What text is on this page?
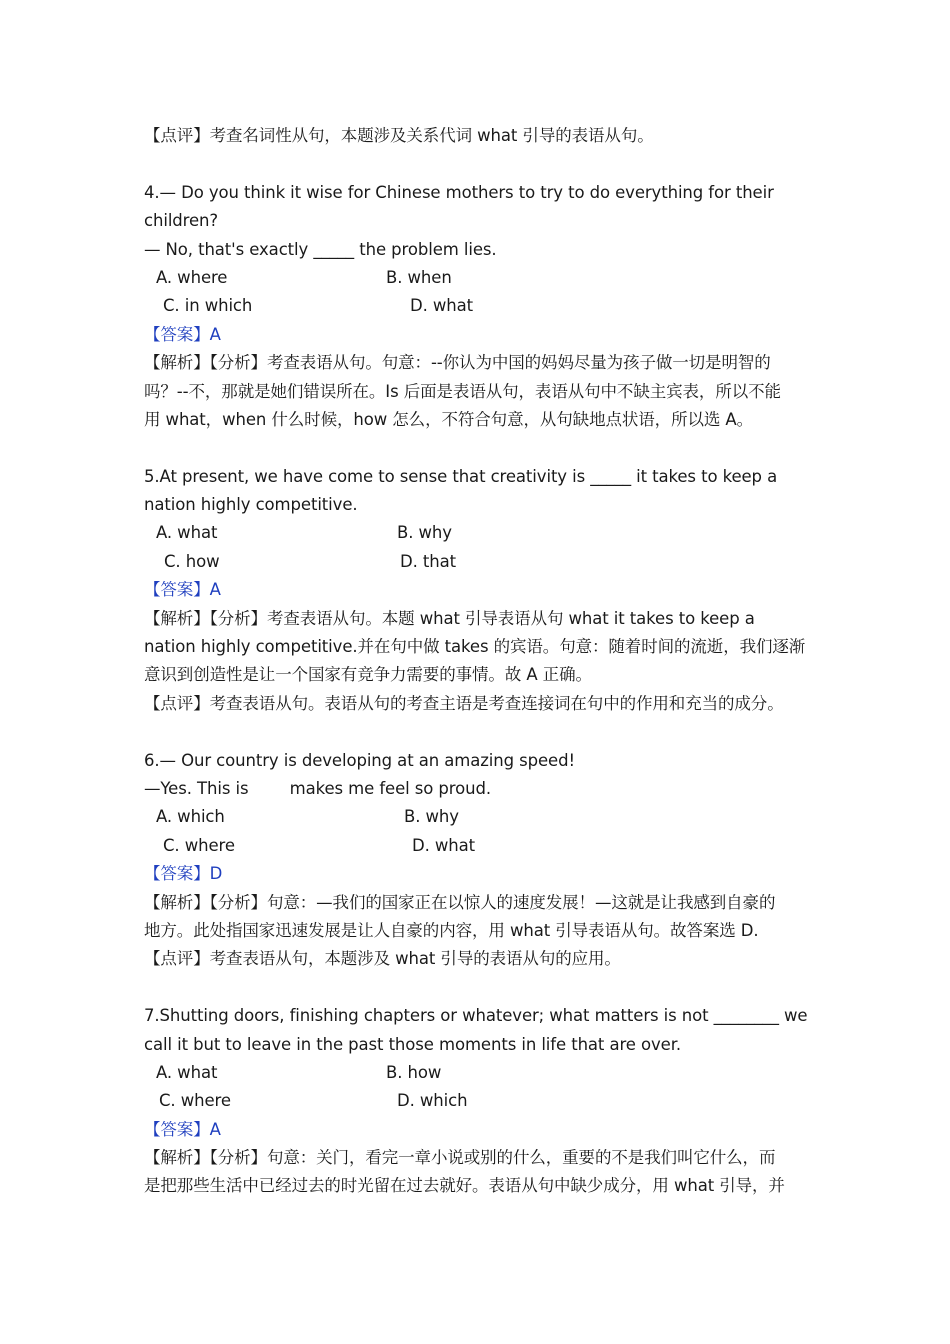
【点评】考查名词性从句，本题涉及关系代词 what 引导的表语从句。
4.— Do you think it wise for Chinese mothers to try to do everything for their
children?
— No, that's exactly _____ the problem lies.
A. where	B. when
C. in which	D. what
【答案】A
【解析】【分析】考查表语从句。句意：--你认为中国的妈妈尽量为孩子做一切是明智的
吗？--不，那就是她们错误所在。Is 后面是表语从句，表语从句中不缺主宾表，所以不能
用 what，when 什么时候，how 怎么，不符合句意，从句缺地点状语，所以选 A。
5.At present, we have come to sense that creativity is _____ it takes to keep a
nation highly competitive.
A. what	B. why
C. how	D. that
【答案】A
【解析】【分析】考查表语从句。本题 what 引导表语从句 what it takes to keep a
nation highly competitive.并在句中做 takes 的宾语。句意：随着时间的流逝，我们逐渐
意识到创造性是让一个国家有竞争力需要的事情。故 A 正确。
【点评】考查表语从句。表语从句的考查主语是考查连接词在句中的作用和充当的成分。
6.— Our country is developing at an amazing speed!
—Yes. This is        makes me feel so proud.
A. which	B. why
C. where	D. what
【答案】D
【解析】【分析】句意：—我们的国家正在以惊人的速度发展！—这就是让我感到自豪的
地方。此处指国家迅速发展是让人自豪的内容，用 what 引导表语从句。故答案选 D.
【点评】考查表语从句，本题涉及 what 引导的表语从句的应用。
7.Shutting doors, finishing chapters or whatever; what matters is not ________ we
call it but to leave in the past those moments in life that are over.
A. what	B. how
C. where	D. which
【答案】A
【解析】【分析】句意：关门，看完一章小说或别的什么，重要的不是我们叫它什么，而
是把那些生活中已经过去的时光留在过去就好。表语从句中缺少成分，用 what 引导，并
